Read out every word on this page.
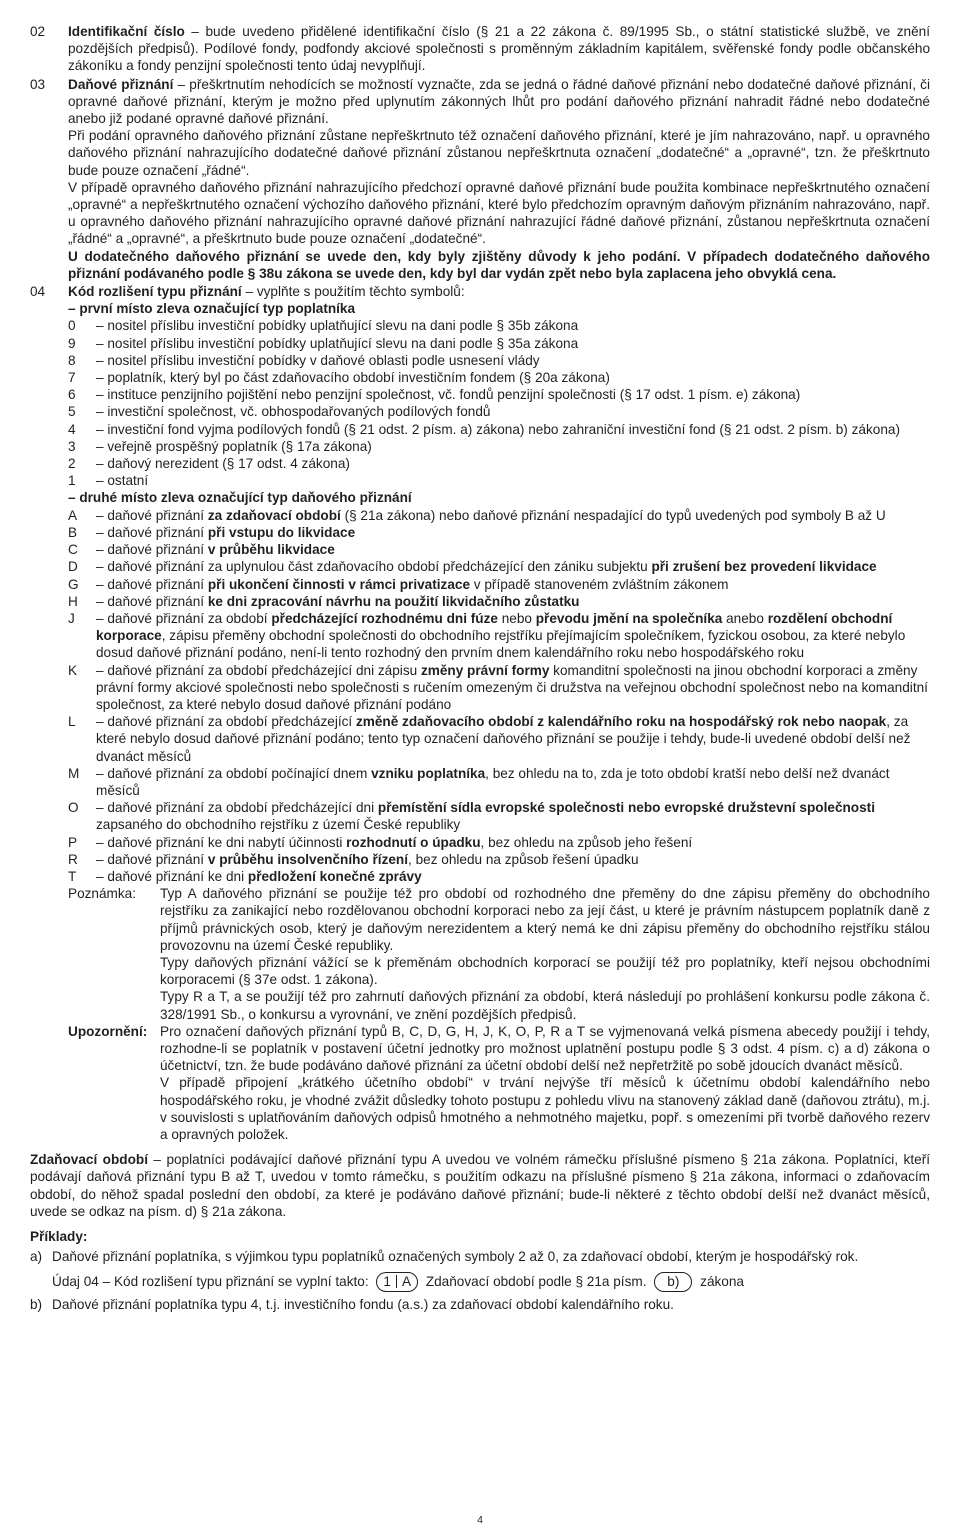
02	Identifikační číslo – bude uvedeno přidělené identifikační číslo (§ 21 a 22 zákona č. 89/1995 Sb., o státní statistické službě, ve znění pozdějších předpisů). Podílové fondy, podfondy akciové společnosti s proměnným základním kapitálem, svěřenské fondy podle občanského zákoníku a fondy penzijní společnosti tento údaj nevyplňují.

03	Daňové přiznání – přeškrtnutím nehodících se možností vyznačte, zda se jedná o řádné daňové přiznání nebo dodatečné daňové přiznání, či opravné daňové přiznání, kterým je možno před uplynutím zákonných lhůt pro podání daňového přiznání nahradit řádné nebo dodatečné anebo již podané opravné daňové přiznání.

Při podání opravného daňového přiznání zůstane nepřeškrtnuto též označení daňového přiznání, které je jím nahrazováno, např. u opravného daňového přiznání nahrazujícího dodatečné daňové přiznání zůstanou nepřeškrtnuta označení „dodatečné“ a „opravné“, tzn. že přeškrtnuto bude pouze označení „řádné“.

V případě opravného daňového přiznání nahrazujícího předchozí opravné daňové přiznání bude použita kombinace nepřeškrtnutého označení „opravné“ a nepřeškrtnutého označení výchozího daňového přiznání, které bylo předchozím opravným daňovým přiznáním nahrazováno, např. u opravného daňového přiznání nahrazujícího opravné daňové přiznání nahrazující řádné daňové přiznání, zůstanou nepřeškrtnuta označení „řádné“ a „opravné“, a přeškrtnuto bude pouze označení „dodatečné“.

U dodatečného daňového přiznání se uvede den, kdy byly zjištěny důvody k jeho podání. V případech dodatečného daňového přiznání podávaného podle § 38u zákona se uvede den, kdy byl dar vydán zpět nebo byla zaplacena jeho obvyklá cena.

04	Kód rozlišení typu přiznání – vyplňte s použitím těchto symbolů:

– první místo zleva označující typ poplatníka

0 – nositel příslibu investiční pobídky uplatňující slevu na dani podle § 35b zákona

9 – nositel příslibu investiční pobídky uplatňující slevu na dani podle § 35a zákona

8 – nositel příslibu investiční pobídky v daňové oblasti podle usnesení vlády

7 – poplatník, který byl po část zdaňovacího období investičním fondem (§ 20a zákona)

6 – instituce penzijního pojištění nebo penzijní společnost, vč. fondů penzijní společnosti (§ 17 odst. 1 písm. e) zákona)

5 – investiční společnost, vč. obhospodařovaných podílových fondů

4 – investiční fond vyjma podílových fondů (§ 21 odst. 2 písm. a) zákona) nebo zahraniční investiční fond (§ 21 odst. 2 písm. b) zákona)

3 – veřejně prospěšný poplatník (§ 17a zákona)

2 – daňový nerezident (§ 17 odst. 4 zákona)

1 – ostatní

– druhé místo zleva označující typ daňového přiznání

A – daňové přiznání za zdaňovací období (§ 21a zákona) nebo daňové přiznání nespadající do typů uvedených pod symboly B až U

B – daňové přiznání při vstupu do likvidace

C – daňové přiznání v průběhu likvidace

D – daňové přiznání za uplynulou část zdaňovacího období předcházející den zániku subjektu při zrušení bez provedení likvidace

G – daňové přiznání při ukončení činnosti v rámci privatizace v případě stanoveném zvláštním zákonem

H – daňové přiznání ke dni zpracování návrhu na použití likvidačního zůstatku

J – daňové přiznání za období předcházející rozhodnému dni fúze nebo převodu jmění na společníka anebo rozdělení obchodní korporace, zápisu přeměny obchodní společnosti do obchodního rejstříku přejímajícím společníkem, fyzickou osobou, za které nebylo dosud daňové přiznání podáno, není-li tento rozhodný den prvním dnem kalendářního roku nebo hospodářského roku

K – daňové přiznání za období předcházející dni zápisu změny právní formy komanditní společnosti na jinou obchodní korporaci a změny právní formy akciové společnosti nebo společnosti s ručením omezeným či družstva na veřejnou obchodní společnost nebo na komanditní společnost, za které nebylo dosud daňové přiznání podáno

L – daňové přiznání za období předcházející změně zdaňovacího období z kalendářního roku na hospodářský rok nebo naopak, za které nebylo dosud daňové přiznání podáno; tento typ označení daňového přiznání se použije i tehdy, bude-li uvedené období delší než dvanáct měsíců

M – daňové přiznání za období počínající dnem vzniku poplatníka, bez ohledu na to, zda je toto období kratší nebo delší než dvanáct měsíců

O – daňové přiznání za období předcházející dni přemístění sídla evropské společnosti nebo evropské družstevní společnosti zapsaného do obchodního rejstříku z území České republiky

P – daňové přiznání ke dni nabytí účinnosti rozhodnutí o úpadku, bez ohledu na způsob jeho řešení

R – daňové přiznání v průběhu insolvenčního řízení, bez ohledu na způsob řešení úpadku

T – daňové přiznání ke dni předložení konečné zprávy

Poznámka: Typ A daňového přiznání se použije též pro období od rozhodného dne přeměny do dne zápisu přeměny do obchodního rejstříku za zanikající nebo rozdělovanou obchodní korporaci nebo za její část, u které je právním nástupcem poplatník daně z příjmů právnických osob, který je daňovým nerezidentem a který nemá ke dni zápisu přeměny do obchodního rejstříku stálou provozovnu na území České republiky.

Typy daňových přiznání vážící se k přeměnám obchodních korporací se použijí též pro poplatníky, kteří nejsou obchodními korporacemi (§ 37e odst. 1 zákona).

Typy R a T, a se použijí též pro zahrnutí daňových přiznání za období, která následují po prohlášení konkursu podle zákona č. 328/1991 Sb., o konkursu a vyrovnání, ve znění pozdějších předpisů.

Upozornění: Pro označení daňových přiznání typů B, C, D, G, H, J, K, O, P, R a T se vyjmenovaná velká písmena abecedy použijí i tehdy, rozhodne-li se poplatník v postavení účetní jednotky pro možnost uplatnění postupu podle § 3 odst. 4 písm. c) a d) zákona o účetnictví, tzn. že bude podáváno daňové přiznání za účetní období delší než nepřetržitě po sobě jdoucích dvanáct měsíců.

V případě připojení „krátkého účetního období“ v trvání nejvýše tří měsíců k účetnímu období kalendářního nebo hospodářského roku, je vhodné zvážit důsledky tohoto postupu z pohledu vlivu na stanovený základ daně (daňovou ztrátu), m.j. v souvislosti s uplatňováním daňových odpisů hmotného a nehmotného majetku, popř. s omezeními při tvorbě daňového rezerv a opravných položek.

Zdaňovací období – poplatníci podávající daňové přiznání typu A uvedou ve volném rámečku příslušné písmeno § 21a zákona. Poplatníci, kteří podávají daňová přiznání typu B až T, uvedou v tomto rámečku, s použitím odkazu na příslušné písmeno § 21a zákona, informaci o zdaňovacím období, do něhož spadal poslední den období, za které je podáváno daňové přiznání; bude-li některé z těchto období delší než dvanáct měsíců, uvede se odkaz na písm. d) § 21a zákona.

Příklady:

a) Daňové přiznání poplatníka, s výjimkou typu poplatníků označených symboly 2 až 0, za zdaňovací období, kterým je hospodářský rok.

Údaj 04 – Kód rozlišení typu přiznání se vyplní takto: 1 A Zdaňovací období podle § 21a písm. b) zákona
b) Daňové přiznání poplatníka typu 4, t.j. investičního fondu (a.s.) za zdaňovací období kalendářního roku.

4
